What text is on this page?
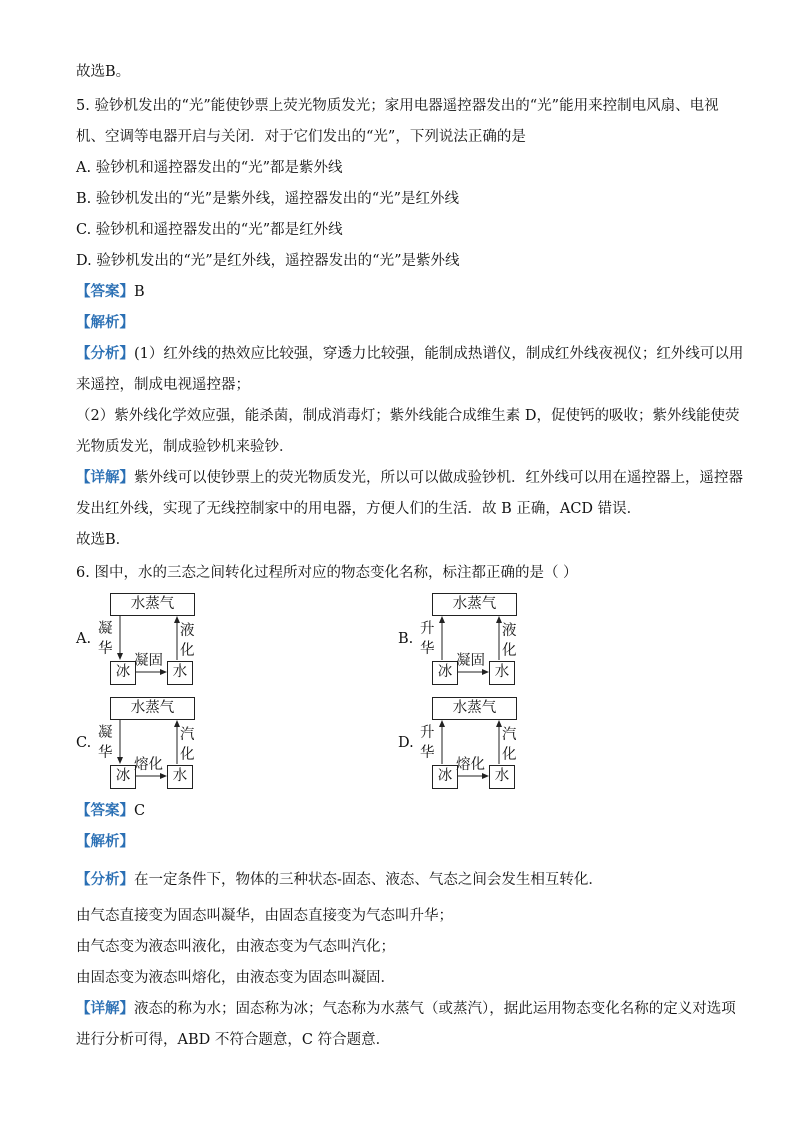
故选B。
5. 验钞机发出的“光”能使钞票上荧光物质发光；家用电器遥控器发出的“光”能用来控制电风扇、电视
机、空调等电器开启与关闭．对于它们发出的“光”，下列说法正确的是
A. 验钞机和遥控器发出的“光”都是紫外线
B. 验钞机发出的“光”是紫外线，遥控器发出的“光”是红外线
C. 验钞机和遥控器发出的“光”都是红外线
D. 验钞机发出的“光”是红外线，遥控器发出的“光”是紫外线
【答案】B
【解析】
【分析】(1）红外线的热效应比较强，穿透力比较强，能制成热谱仪，制成红外线夜视仪；红外线可以用
来遥控，制成电视遥控器；
（2）紫外线化学效应强，能杀菌，制成消毒灯；紫外线能合成维生素 D，促使钙的吸收；紫外线能使荧
光物质发光，制成验钞机来验钞．
【详解】紫外线可以使钞票上的荧光物质发光，所以可以做成验钞机．红外线可以用在遥控器上，遥控器
发出红外线，实现了无线控制家中的用电器，方便人们的生活．故 B 正确，ACD 错误．
故选B．
6. 图中，水的三态之间转化过程所对应的物态变化名称，标注都正确的是（ ）
A.
水蒸气
冰	水
凝
华
液
化
凝固
B.
水蒸气
冰	水
升
华
液
化
凝固
C.
水蒸气
冰	水
凝
华
汽
化
熔化
D.
水蒸气
冰	水
升
华
汽
化
熔化
【答案】C
【解析】
【分析】在一定条件下，物体的三种状态-固态、液态、气态之间会发生相互转化．
由气态直接变为固态叫凝华，由固态直接变为气态叫升华；
由气态变为液态叫液化，由液态变为气态叫汽化；
由固态变为液态叫熔化，由液态变为固态叫凝固．
【详解】液态的称为水；固态称为冰；气态称为水蒸气（或蒸汽），据此运用物态变化名称的定义对选项
进行分析可得，ABD 不符合题意，C 符合题意．
